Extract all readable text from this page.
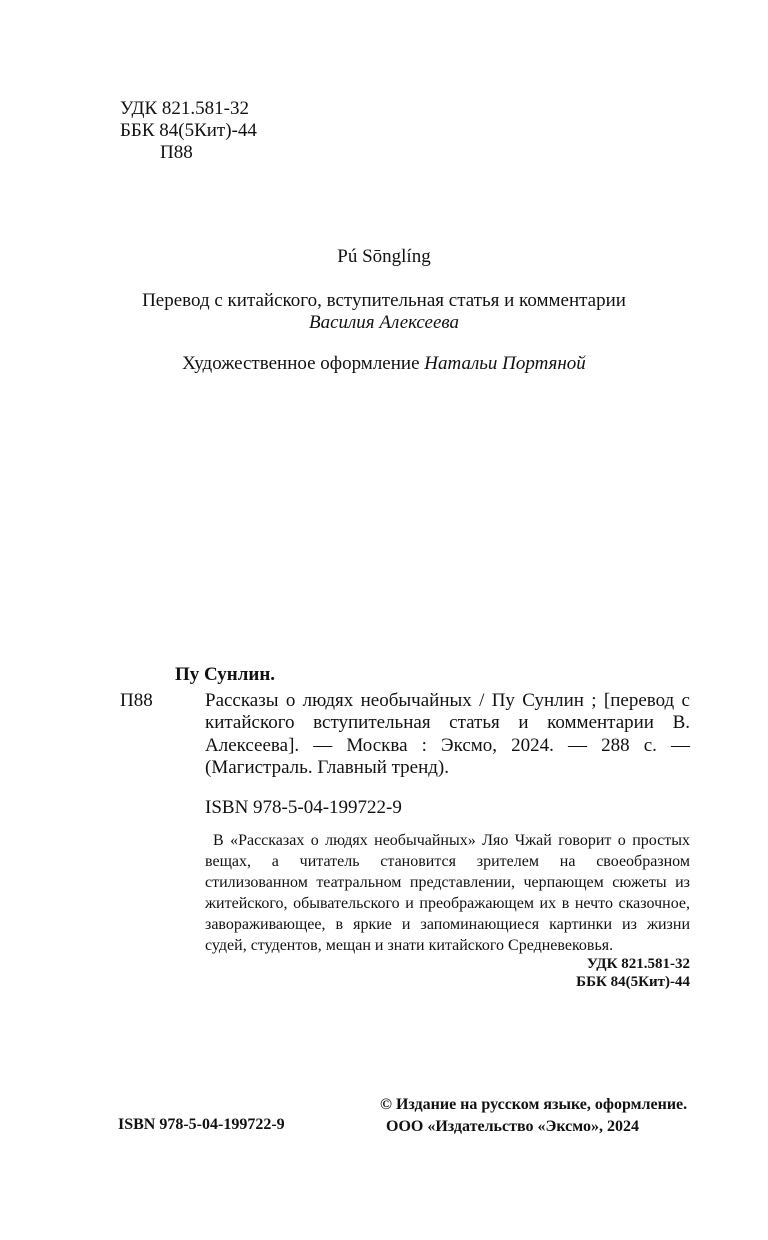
УДК 821.581-32
ББК 84(5Кит)-44
П88
Pú Sōnglíng
Перевод с китайского, вступительная статья и комментарии
Василия Алексеева
Художественное оформление Натальи Портяной
Пу Сунлин.
П88	Рассказы о людях необычайных / Пу Сунлин ; [перевод с китайского вступительная статья и комментарии В. Алексеева]. — Москва : Эксмо, 2024. — 288 с. — (Магистраль. Главный тренд).
ISBN 978-5-04-199722-9
В «Рассказах о людях необычайных» Ляо Чжай говорит о простых вещах, а читатель становится зрителем на своеобразном стилизованном театральном представлении, черпающем сюжеты из житейского, обывательского и преображающем их в нечто сказочное, завораживающее, в яркие и запоминающиеся картинки из жизни судей, студентов, мещан и знати китайского Средневековья.
УДК 821.581-32
ББК 84(5Кит)-44
© Издание на русском языке, оформление.
ООО «Издательство «Эксмо», 2024
ISBN 978-5-04-199722-9
